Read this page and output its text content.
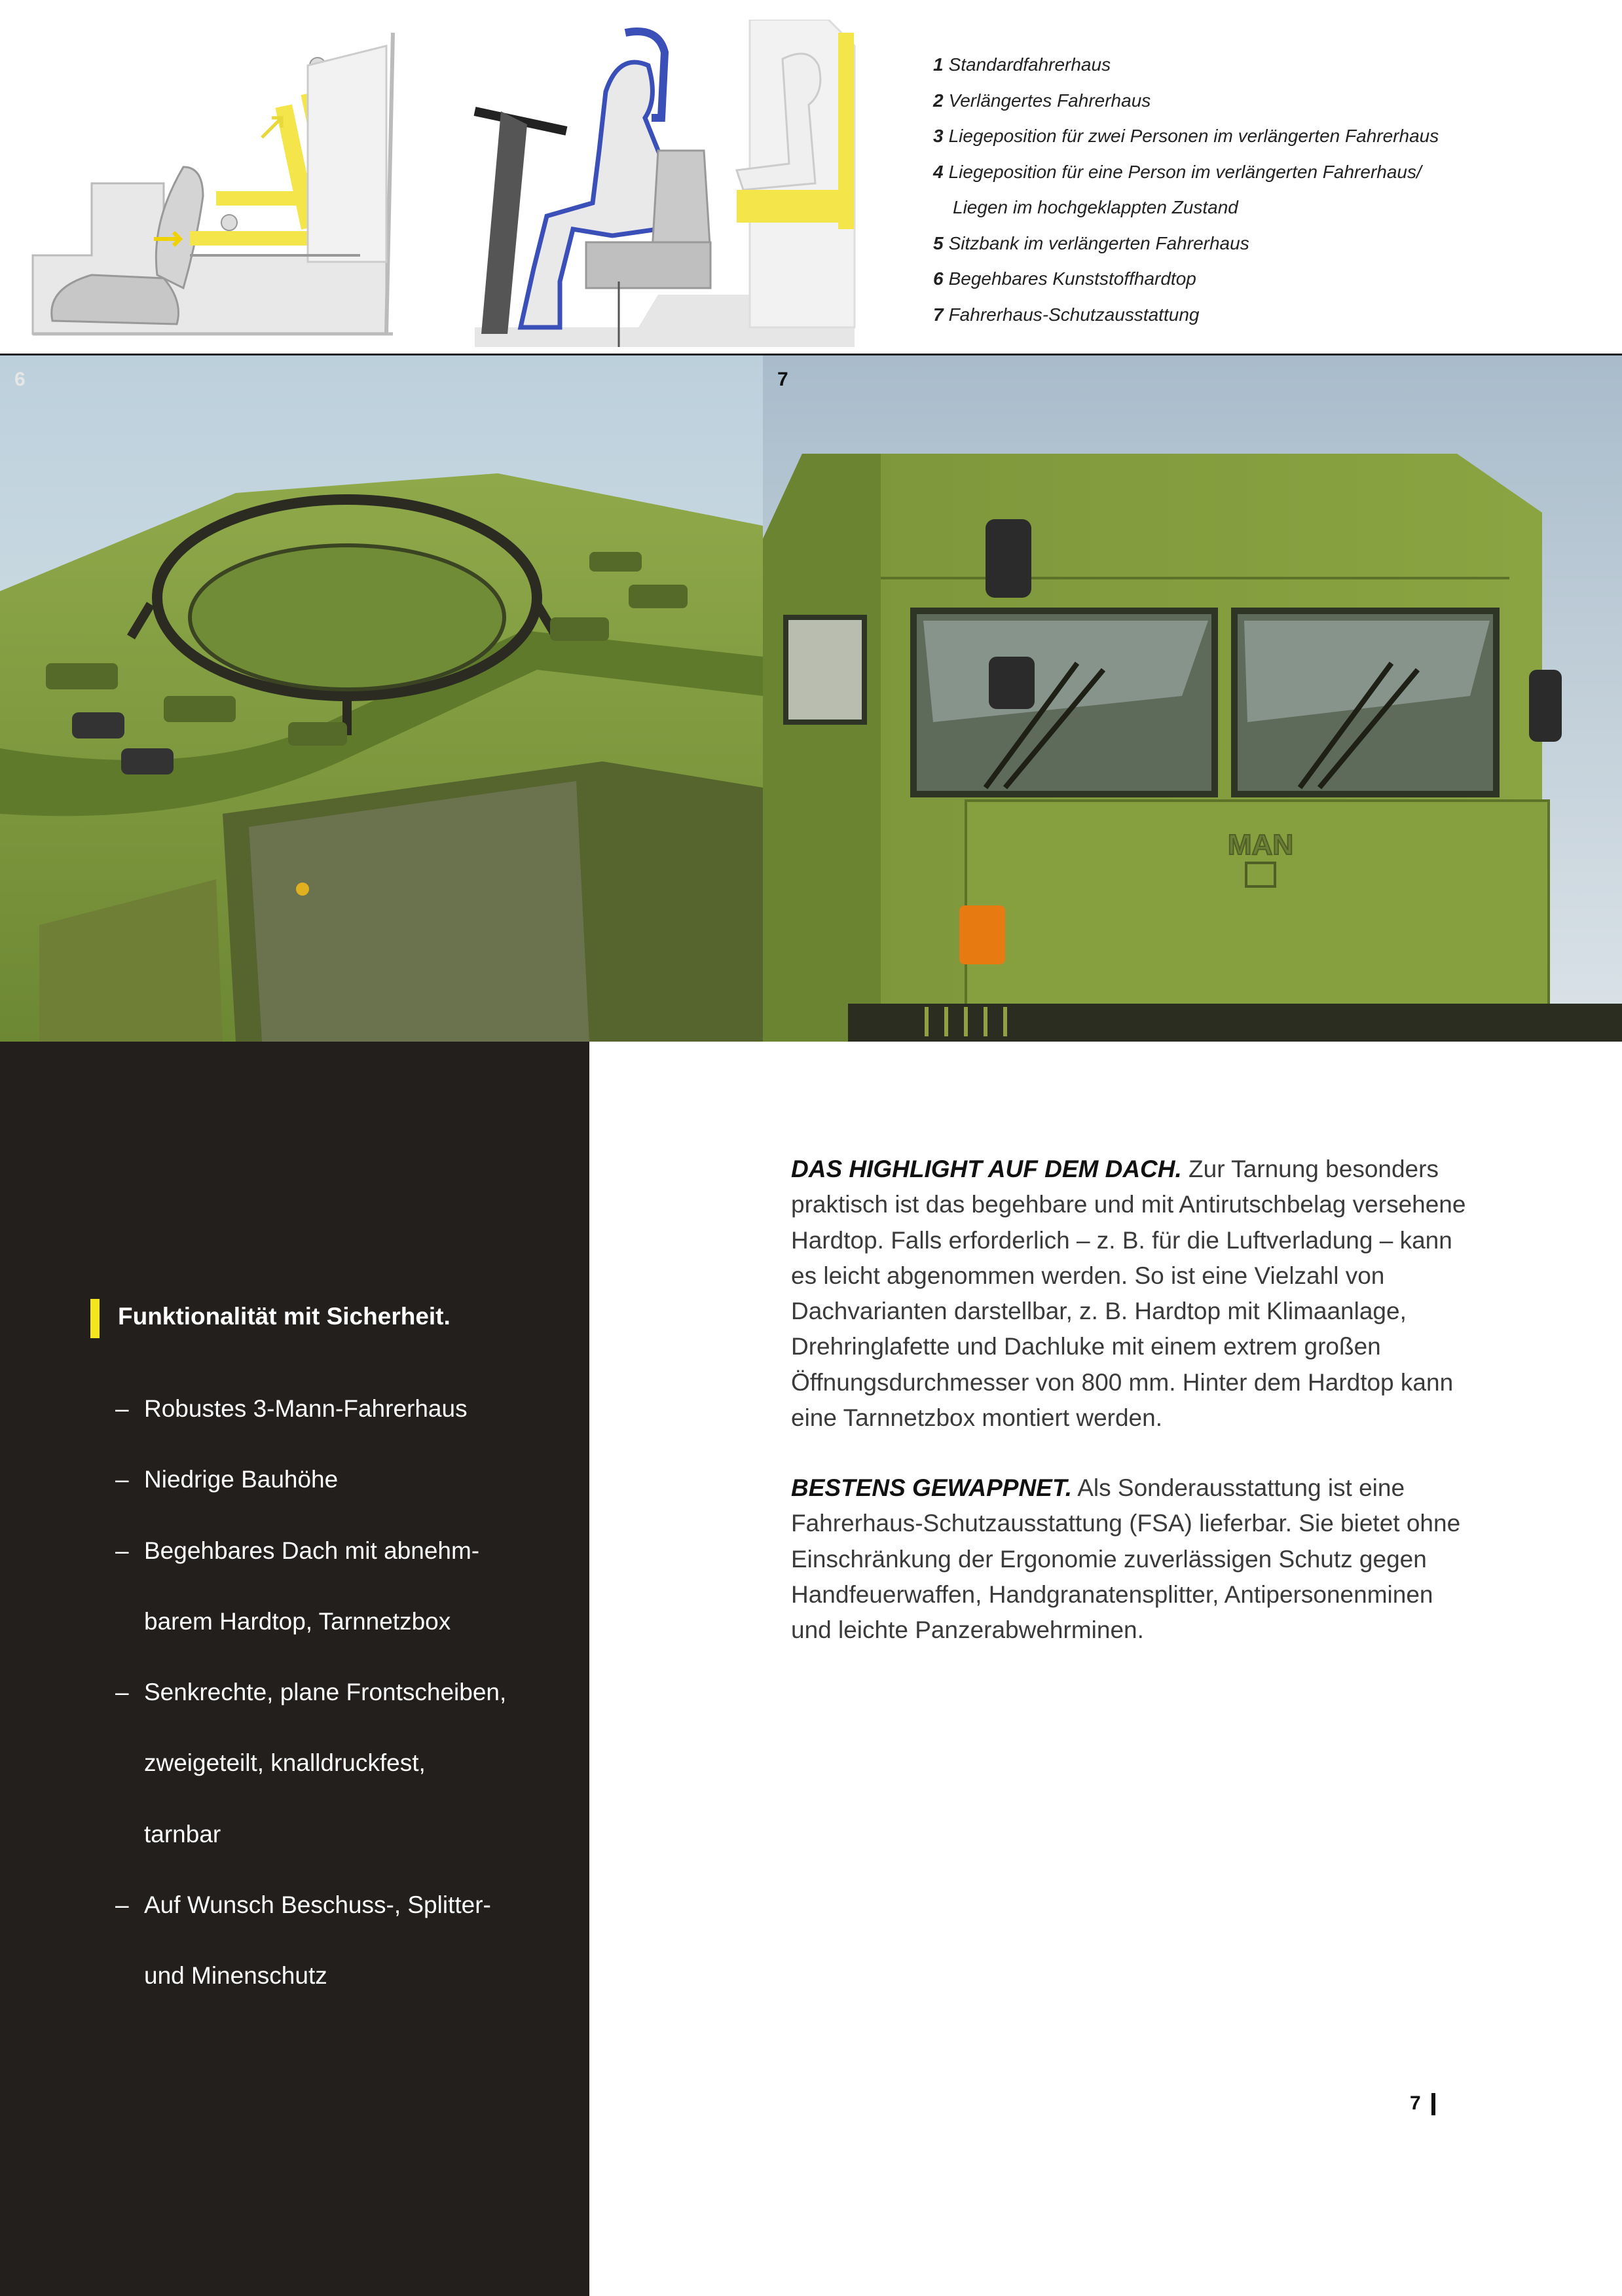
1 Standardfahrerhaus
2 Verlängertes Fahrerhaus
3 Liegeposition für zwei Personen im verlängerten Fahrerhaus
4 Liegeposition für eine Person im verlängerten Fahrerhaus/
Liegen im hochgeklappten Zustand
5 Sitzbank im verlängerten Fahrerhaus
6 Begehbares Kunststoffhardtop
7 Fahrerhaus-Schutzausstattung
6
MAN
7
Funktionalität mit Sicherheit.
– Robustes 3-Mann-Fahrerhaus
– Niedrige Bauhöhe
– Begehbares Dach mit abnehm-
barem Hardtop, Tarnnetzbox
– Senkrechte, plane Frontscheiben,
zweigeteilt, knalldruckfest,
tarnbar
– Auf Wunsch Beschuss-, Splitter-
und Minenschutz

DAS HIGHLIGHT AUF DEM DACH. Zur Tarnung besonders praktisch ist das begehbare und mit Antirutschbelag versehene Hardtop. Falls erforderlich – z. B. für die Luftverladung – kann es leicht abgenommen werden. So ist eine Vielzahl von Dachvarianten darstellbar, z. B. Hardtop mit Klimaanlage, Drehringlafette und Dachluke mit einem extrem großen Öffnungsdurchmesser von 800 mm. Hinter dem Hardtop kann eine Tarnnetzbox montiert werden.

BESTENS GEWAPPNET. Als Sonderausstattung ist eine Fahrerhaus-Schutzausstattung (FSA) lieferbar. Sie bietet ohne Einschränkung der Ergonomie zuverlässigen Schutz gegen Handfeuerwaffen, Handgranatensplitter, Antipersonenminen und leichte Panzerabwehrminen.

7
